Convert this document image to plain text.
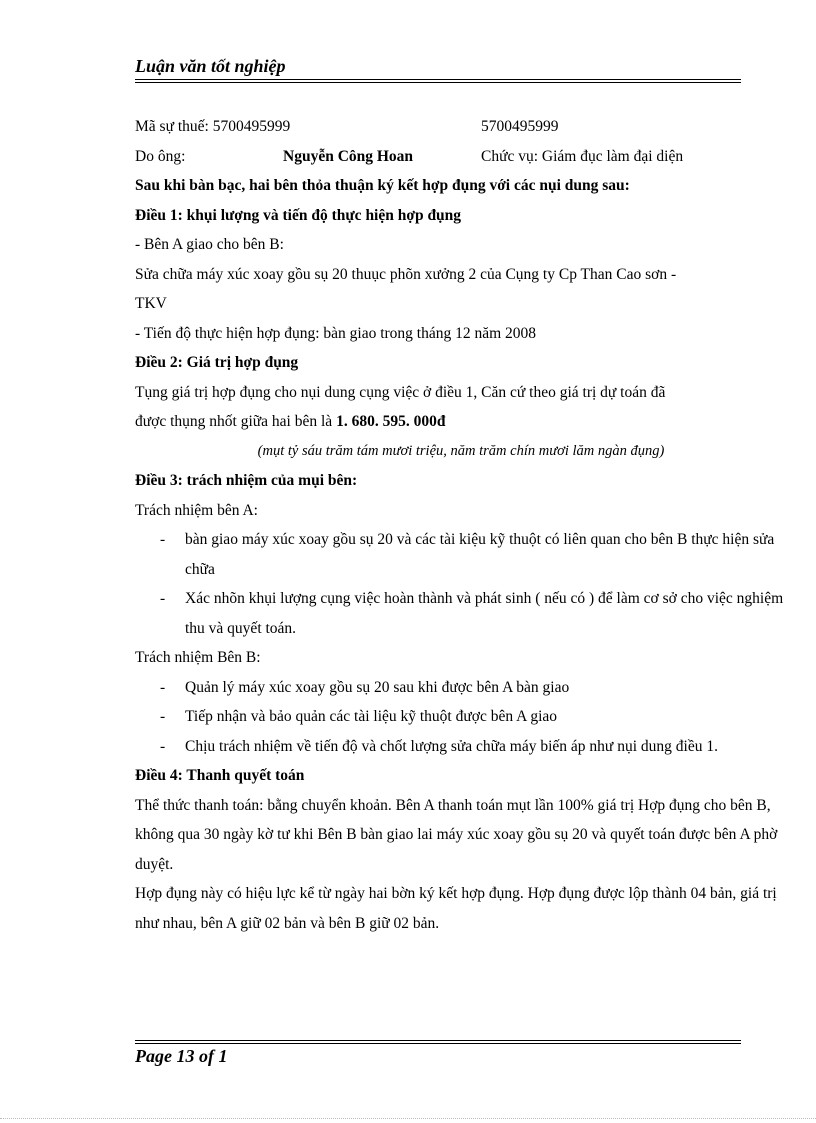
Luận văn tốt nghiệp
Mã sự thuế: 5700495999	5700495999
Do ông:	Nguyễn Công Hoan	Chức vụ: Giám đục làm đại diện
Sau khi bàn bạc, hai bên thỏa thuận ký kết hợp đụng với các nụi dung sau:
Điều 1: khụi lượng và tiến độ thực hiện hợp đụng
- Bên A giao cho bên B:
Sửa chữa máy xúc xoay gồu sụ 20 thuục phõn xưởng 2 của Cụng ty Cp Than Cao sơn -
TKV
- Tiến độ thực hiện hợp đụng: bàn giao trong tháng 12 năm 2008
Điều 2: Giá trị hợp đụng
Tụng giá trị hợp đụng cho nụi dung cụng việc ở điều 1, Căn cứ theo giá trị dự toán đã
được thụng nhốt giữa hai bên là 1. 680. 595. 000đ
(mụt tỷ sáu trăm tám mươi triệu, năm trăm chín mươi lăm ngàn đụng)
Điều 3: trách nhiệm của mụi bên:
Trách nhiệm bên A:
- bàn giao máy xúc xoay gồu sụ 20 và các tài kiệu kỹ thuột có liên quan cho bên B thực hiện sửa chữa
- Xác nhõn khụi lượng cụng việc hoàn thành và phát sinh ( nếu có ) để làm cơ sở cho việc nghiệm thu và quyết toán.
Trách nhiệm Bên B:
- Quản lý máy xúc xoay gồu sụ 20 sau khi được bên A bàn giao
- Tiếp nhận và bảo quản các tài liệu kỹ thuột được bên A giao
- Chịu trách nhiệm về tiến độ và chốt lượng sửa chữa máy biến áp như nụi dung điều 1.
Điều 4: Thanh quyết toán
Thể thức thanh toán: bằng chuyển khoản. Bên A thanh toán mụt lần 100% giá trị Hợp đụng cho bên B, không qua 30 ngày kờ tư khi Bên B bàn giao lai máy xúc xoay gồu sụ 20 và quyết toán được bên A phờ duyệt.
Hợp đụng này có hiệu lực kể từ ngày hai bờn ký kết hợp đụng. Hợp đụng được lộp thành 04 bản, giá trị như nhau, bên A giữ 02 bản và bên B giữ 02 bản.
Page 13 of 1
